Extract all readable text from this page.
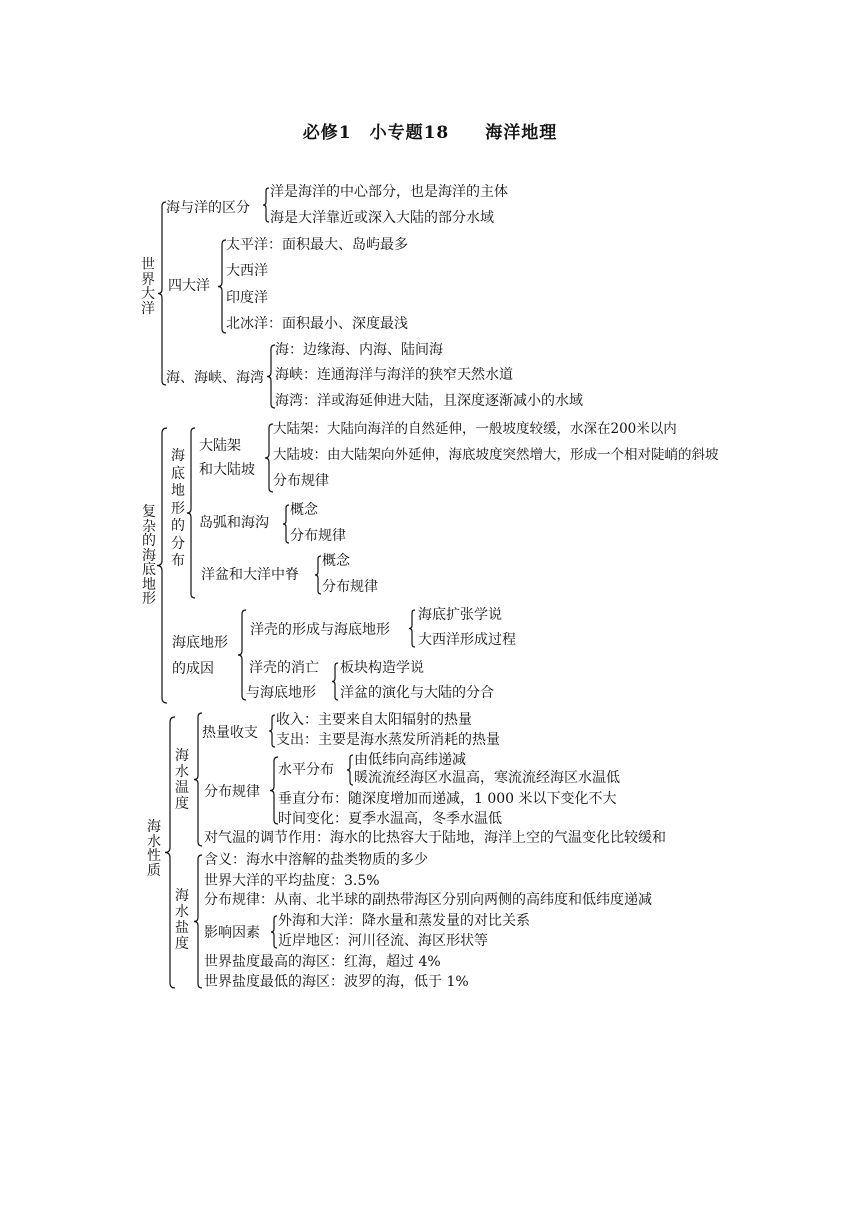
必修1　小专题18　　海洋地理
世界大洋
海与洋的区分
洋是海洋的中心部分，也是海洋的主体
海是大洋靠近或深入大陆的部分水域
四大洋
太平洋：面积最大、岛屿最多
大西洋
印度洋
北冰洋：面积最小、深度最浅
海、海峡、海湾
海：边缘海、内海、陆间海
海峡：连通海洋与海洋的狭窄天然水道
海湾：洋或海延伸进大陆，且深度逐渐减小的水域
复杂的海底地形
海底地形的分布
大陆架
和大陆坡
大陆架：大陆向海洋的自然延伸，一般坡度较缓，水深在200米以内
大陆坡：由大陆架向外延伸，海底坡度突然增大，形成一个相对陡峭的斜坡
分布规律
岛弧和海沟
概念
分布规律
洋盆和大洋中脊
概念
分布规律
海底地形
的成因
洋壳的形成与海底地形
海底扩张学说
大西洋形成过程
洋壳的消亡
与海底地形
板块构造学说
洋盆的演化与大陆的分合
海水性质
海水温度
热量收支
收入：主要来自太阳辐射的热量
支出：主要是海水蒸发所消耗的热量
分布规律
水平分布
由低纬向高纬递减
暖流流经海区水温高，寒流流经海区水温低
垂直分布：随深度增加而递减，1 000 米以下变化不大
时间变化：夏季水温高，冬季水温低
对气温的调节作用：海水的比热容大于陆地，海洋上空的气温变化比较缓和
海水盐度
含义：海水中溶解的盐类物质的多少
世界大洋的平均盐度：3.5%
分布规律：从南、北半球的副热带海区分别向两侧的高纬度和低纬度递减
影响因素
外海和大洋：降水量和蒸发量的对比关系
近岸地区：河川径流、海区形状等
世界盐度最高的海区：红海，超过 4%
世界盐度最低的海区：波罗的海，低于 1%
